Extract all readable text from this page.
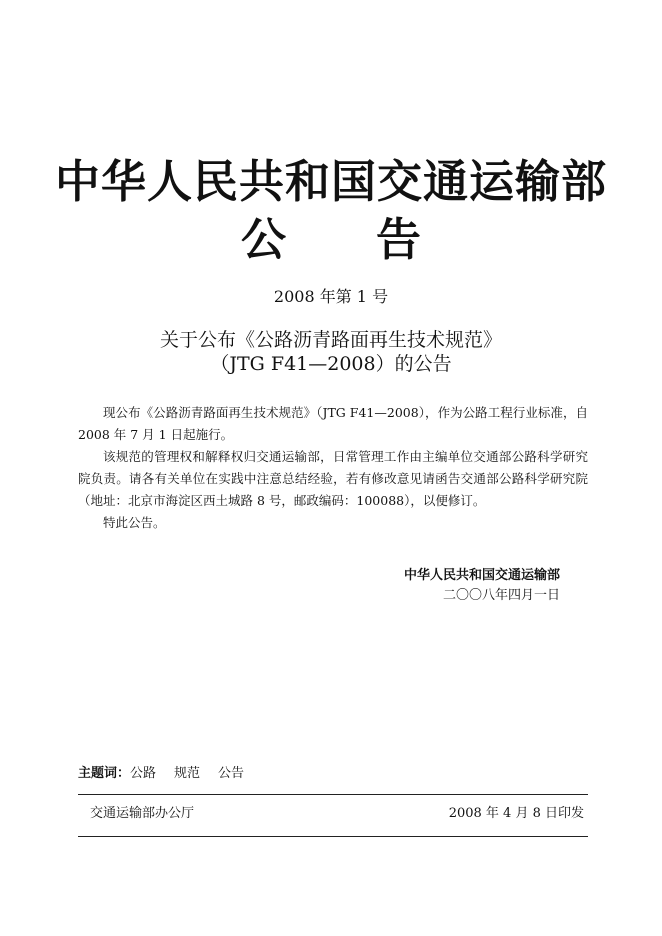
中华人民共和国交通运输部
公 告
2008 年第 1 号
关于公布《公路沥青路面再生技术规范》
（JTG F41—2008）的公告

现公布《公路沥青路面再生技术规范》（JTG F41—2008），作为公路工程行业标准，自 2008 年 7 月 1 日起施行。

该规范的管理权和解释权归交通运输部，日常管理工作由主编单位交通部公路科学研究院负责。请各有关单位在实践中注意总结经验，若有修改意见请函告交通部公路科学研究院（地址：北京市海淀区西土城路 8 号，邮政编码：100088），以便修订。

特此公告。

中华人民共和国交通运输部
二〇〇八年四月一日
主题词：公路 规范 公告
交通运输部办公厅	2008 年 4 月 8 日印发
